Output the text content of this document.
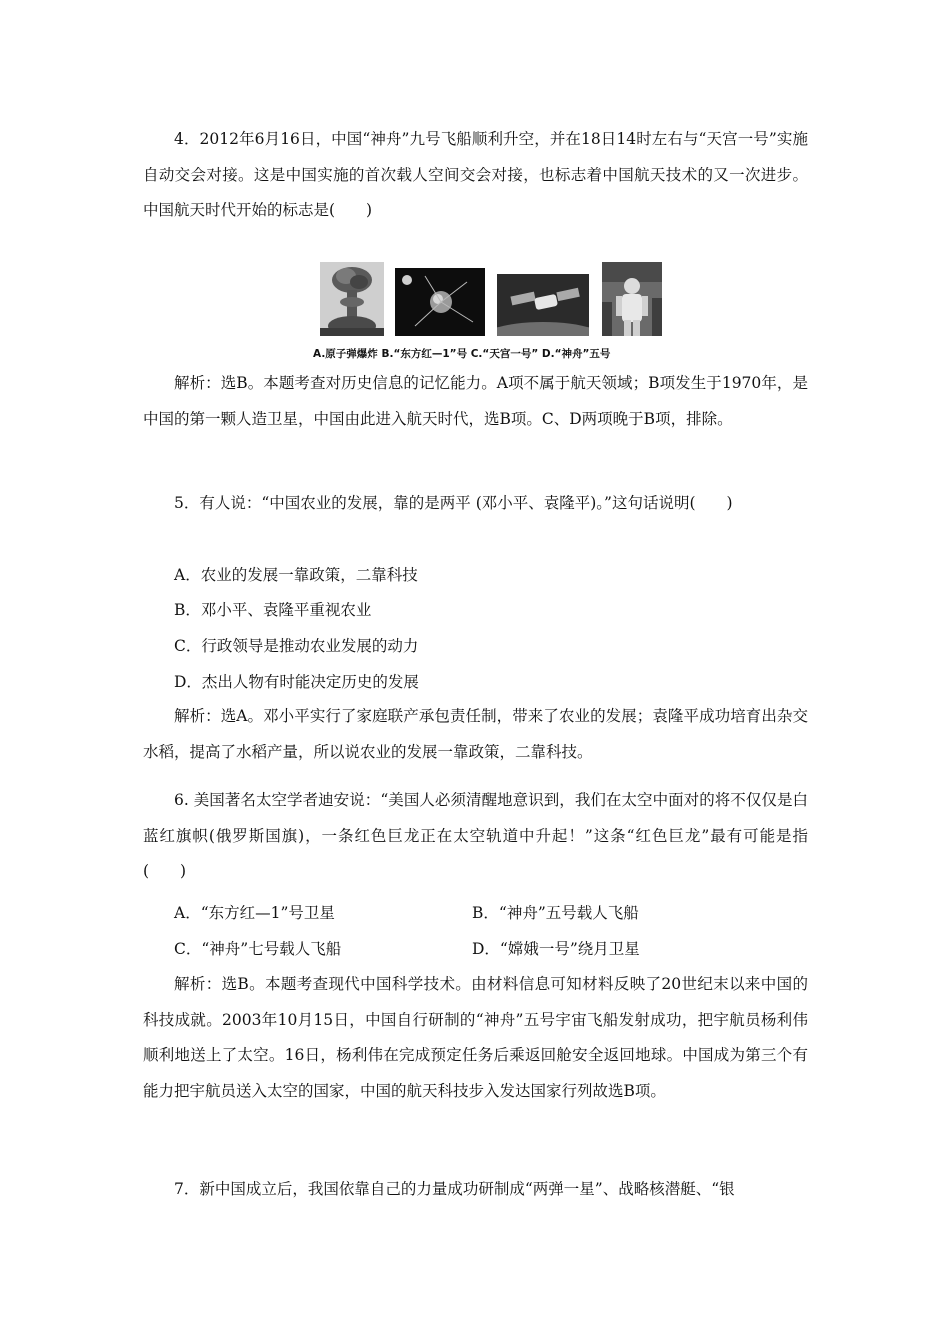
4．2012年6月16日，中国“神舟”九号飞船顺利升空，并在18日14时左右与“天宫一号”实施自动交会对接。这是中国实施的首次载人空间交会对接，也标志着中国航天技术的又一次进步。中国航天时代开始的标志是(　　)

A.原子弹爆炸 B.“东方红—1”号 C.“天宫一号” D.“神舟”五号

解析：选B。本题考查对历史信息的记忆能力。A项不属于航天领域；B项发生于1970年，是中国的第一颗人造卫星，中国由此进入航天时代，选B项。C、D两项晚于B项，排除。

5．有人说：“中国农业的发展，靠的是两平 (邓小平、袁隆平)。”这句话说明(　　)

A．农业的发展一靠政策，二靠科技

B．邓小平、袁隆平重视农业

C．行政领导是推动农业发展的动力

D．杰出人物有时能决定历史的发展

解析：选A。邓小平实行了家庭联产承包责任制，带来了农业的发展；袁隆平成功培育出杂交水稻，提高了水稻产量，所以说农业的发展一靠政策，二靠科技。

6. 美国著名太空学者迪安说：“美国人必须清醒地意识到，我们在太空中面对的将不仅仅是白蓝红旗帜(俄罗斯国旗)，一条红色巨龙正在太空轨道中升起！”这条“红色巨龙”最有可能是指(　　)

A．“东方红—1”号卫星	B．“神舟”五号载人飞船

C．“神舟”七号载人飞船	D．“嫦娥一号”绕月卫星

解析：选B。本题考查现代中国科学技术。由材料信息可知材料反映了20世纪末以来中国的科技成就。2003年10月15日，中国自行研制的“神舟”五号宇宙飞船发射成功，把宇航员杨利伟顺利地送上了太空。16日，杨利伟在完成预定任务后乘返回舱安全返回地球。中国成为第三个有能力把宇航员送入太空的国家，中国的航天科技步入发达国家行列故选B项。

7．新中国成立后，我国依靠自己的力量成功研制成“两弹一星”、战略核潜艇、“银
